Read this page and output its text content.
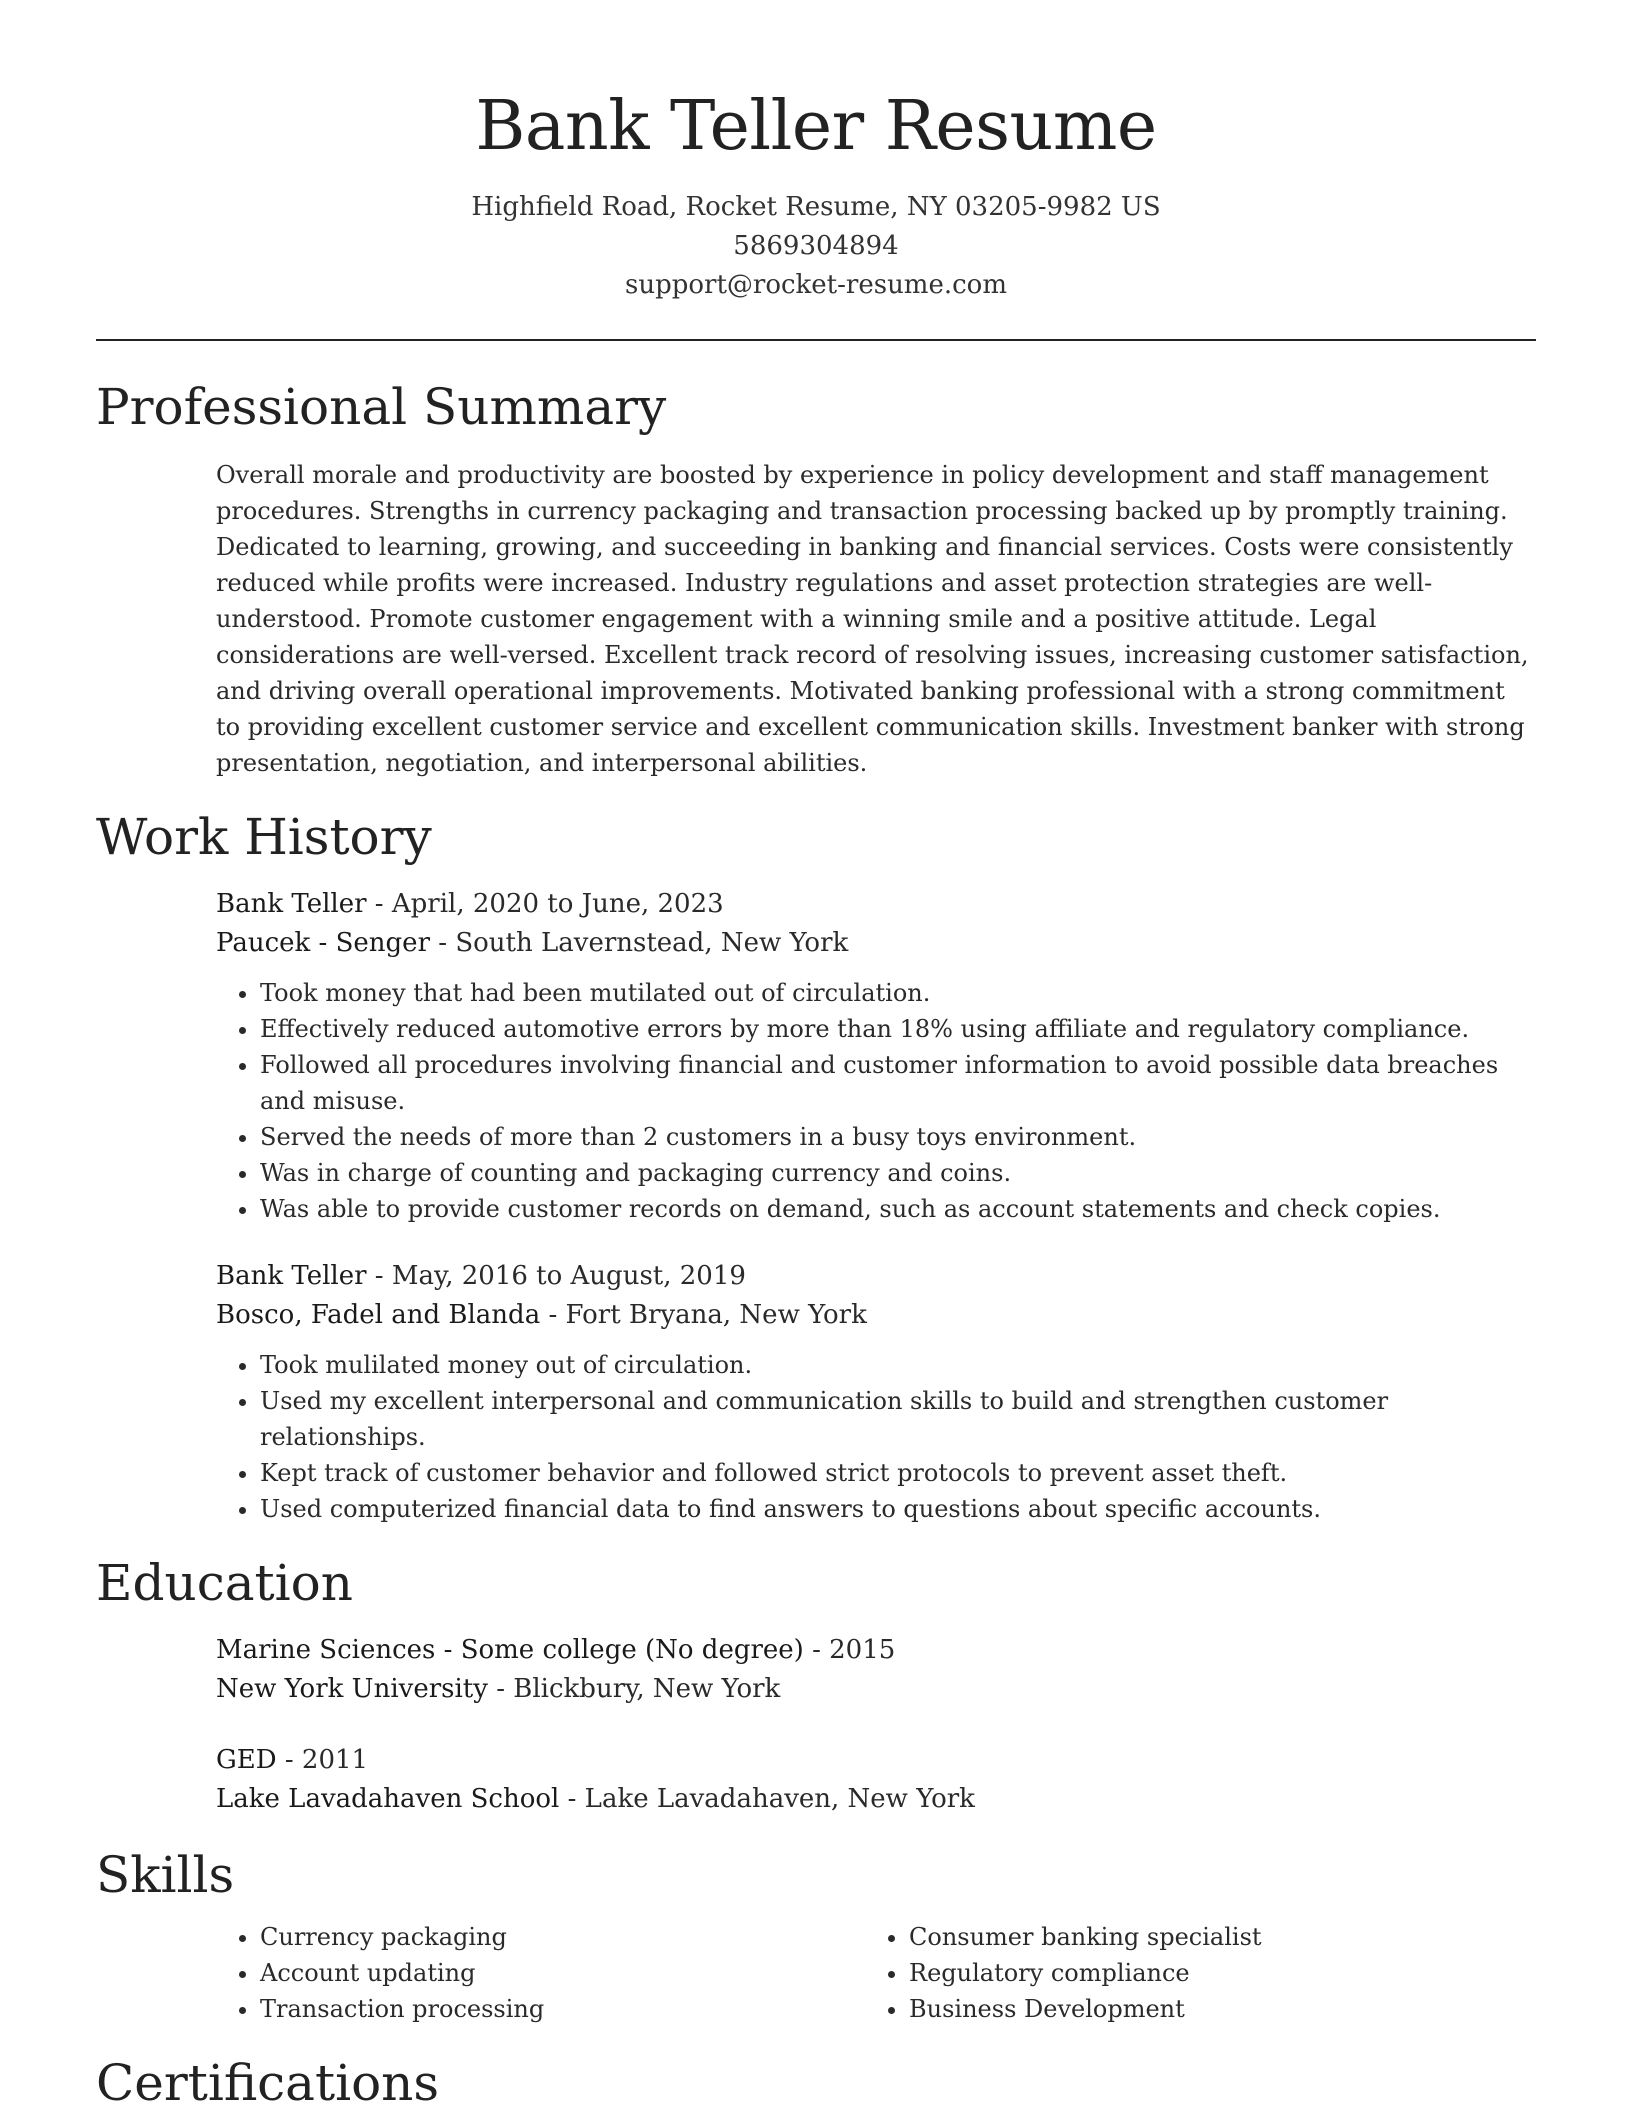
Bank Teller Resume
Highfield Road, Rocket Resume, NY 03205-9982 US
5869304894
support@rocket-resume.com
Professional Summary
Overall morale and productivity are boosted by experience in policy development and staff management procedures. Strengths in currency packaging and transaction processing backed up by promptly training. Dedicated to learning, growing, and succeeding in banking and financial services. Costs were consistently reduced while profits were increased. Industry regulations and asset protection strategies are well-understood. Promote customer engagement with a winning smile and a positive attitude. Legal considerations are well-versed. Excellent track record of resolving issues, increasing customer satisfaction, and driving overall operational improvements. Motivated banking professional with a strong commitment to providing excellent customer service and excellent communication skills. Investment banker with strong presentation, negotiation, and interpersonal abilities.
Work History
Bank Teller - April, 2020 to June, 2023
Paucek - Senger - South Lavernstead, New York
• Took money that had been mutilated out of circulation.
• Effectively reduced automotive errors by more than 18% using affiliate and regulatory compliance.
• Followed all procedures involving financial and customer information to avoid possible data breaches and misuse.
• Served the needs of more than 2 customers in a busy toys environment.
• Was in charge of counting and packaging currency and coins.
• Was able to provide customer records on demand, such as account statements and check copies.
Bank Teller - May, 2016 to August, 2019
Bosco, Fadel and Blanda - Fort Bryana, New York
• Took mulilated money out of circulation.
• Used my excellent interpersonal and communication skills to build and strengthen customer relationships.
• Kept track of customer behavior and followed strict protocols to prevent asset theft.
• Used computerized financial data to find answers to questions about specific accounts.
Education
Marine Sciences - Some college (No degree) - 2015
New York University - Blickbury, New York
GED - 2011
Lake Lavadahaven School - Lake Lavadahaven, New York
Skills
• Currency packaging
• Account updating
• Transaction processing
• Consumer banking specialist
• Regulatory compliance
• Business Development
Certifications
